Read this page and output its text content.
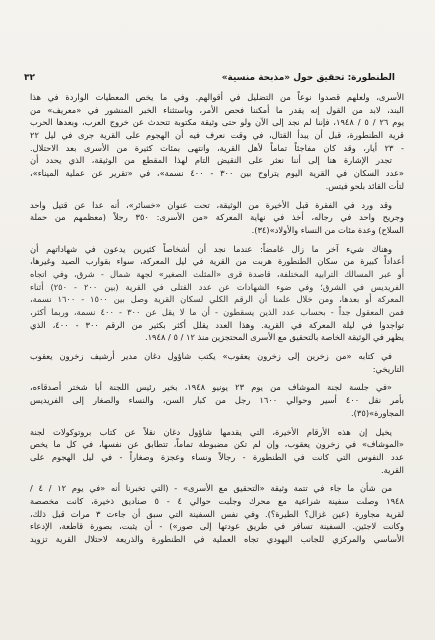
الطنطورة: تحقيق حول «مذبحة منسية»
٣٢
الأسرى، ولعلهم قصدوا نوعاً من التضليل في أقوالهم. وفي ما يخص المعطيات الواردة في هذا
البند، لابد من القول إنه يقدر ما أمكننا فحص الأمر، وباستثناء الخبر المنشور في «معريف» من
يوم ٢٦ / ٥ / ١٩٤٨، فإننا لم نجد إلى الآن ولو حتى وثيقة مكتوبة تتحدث عن خروج العرب، وبعدها الحرب
قرية الطنطورة، قبل أن يبدأ القتال، في وقت نعرف فيه أن الهجوم على القرية جرى في ليل ٢٢
- ٢٣ أيار، وقد كان مفاجئاً تماماً لأهل القرية، وانتهى بمئات كثيرة من الأسرى بعد الاحتلال.
تجدر الإشارة هنا إلى أننا نعثر على النقيض التام لهذا المقطع من الوثيقة، الذي يحدد أن
«عدد السكان في القرية اليوم يتراوح بين ٣٠٠ - ٤٠٠ نسمة»، في «تقرير عن عملية الميناء»،
لتأت القائد بلحو فيتس.
وقد ورد في الفقرة قبل الأخيرة من الوثيقة، تحت عنوان «خسائر»، أنه عدا عن قتيل واحد
وجريح واحد في رجاله، أخذ في نهاية المعركة «من الأسرى: ٣٥٠ رجلاً (معظمهم من حملة
السلاح) وعدة مئات من النساء والأولاد»(٣٤).
وهناك شيء آخر ما زال غامضاً: عندما نجد أن أشخاصاً كثيرين يدعون في شهاداتهم أن
أعداداً كبيرة من سكان الطنطورة هربت من القرية في ليل المعركة، سواء بقوارب الصيد وغيرها،
أو عبر المسالك الترابية المختلفة، قاصدة قرى «المثلث الصغير» لجهة شمال - شرق، وفي اتجاه
الفريديس في الشرق؛ وفي ضوء الشهادات عن عدد القتلى في القرية (بين ٢٠٠ - ٢٥٠) أثناء
المعركة أو بعدها، ومن خلال علمنا أن الرقم الكلي لسكان القرية وصل بين ١٥٠٠ - ١٦٠٠ نسمة،
فمن المعقول جداً - بحساب عدد الذين يسقطون - أن ما لا يقل عن ٣٠٠ - ٤٠٠ نسمة، وربما أكثر،
تواجدوا في ليلة المعركة في القرية. وهذا العدد يقلل أكثر بكثير من الرقم ٣٠٠ - ٤٠٠، الذي
يظهر في الوثيقة الخاصة بالتحقيق مع الأسرى المحتجزين منذ ١٢ / ٥ / ١٩٤٨.
في كتابه «من زخرين إلى زخرون يعقوب» يكتب شاؤول دغان مدير أرشيف زخرون يعقوب
التاريخي:
«في جلسة لجنة الموشاف من يوم ٢٣ يونيو ١٩٤٨، بخير رئيس اللجنة أبا شختر أصدقاءه،
بأمر نقل ٤٠٠ أسير وحوالي ١٦٠٠ رجل من كبار السن، والنساء والصغار إلى الفريديس
المجاورة»(٣٥).
يخيل إن هذه الأرقام الأخيرة، التي يقدمها شاؤول دغان نقلاً عن كتاب بروتوكولات لجنة
«الموشاف» في زخرون يعقوب، وإن لم تكن مضبوطة تماماً، تتطابق عن نفسها، في كل ما يخص
عدد النفوس التي كانت في الطنطورة - رجالاً ونساء وعجزة وصغاراً - في ليل الهجوم على
القرية.
من شأن ما جاء في تتمة وثيقة «التحقيق مع الأسرى» - (التي تخبرنا أنه «في يوم ١٢ / ٤ /
١٩٤٨ وصلت سفينة شراعية مع محرك وجلبت حوالي ٤ - ٥ صناديق ذخيرة، كانت مخصصة
لقرية مجاورة (عين غزال؟ الطيرة؟). وفي نفس السفينة التي سبق أن جاءت ٣ مرات قبل ذلك،
وكانت لاجئين. السفينة تسافر في طريق عودتها إلى صور») - أن يثبت، بصورة قاطعة، الإدعاء
الأساسي والمركزي للجانب اليهودي تجاه العملية في الطنطورة والذريعة لاحتلال القرية تزويد
